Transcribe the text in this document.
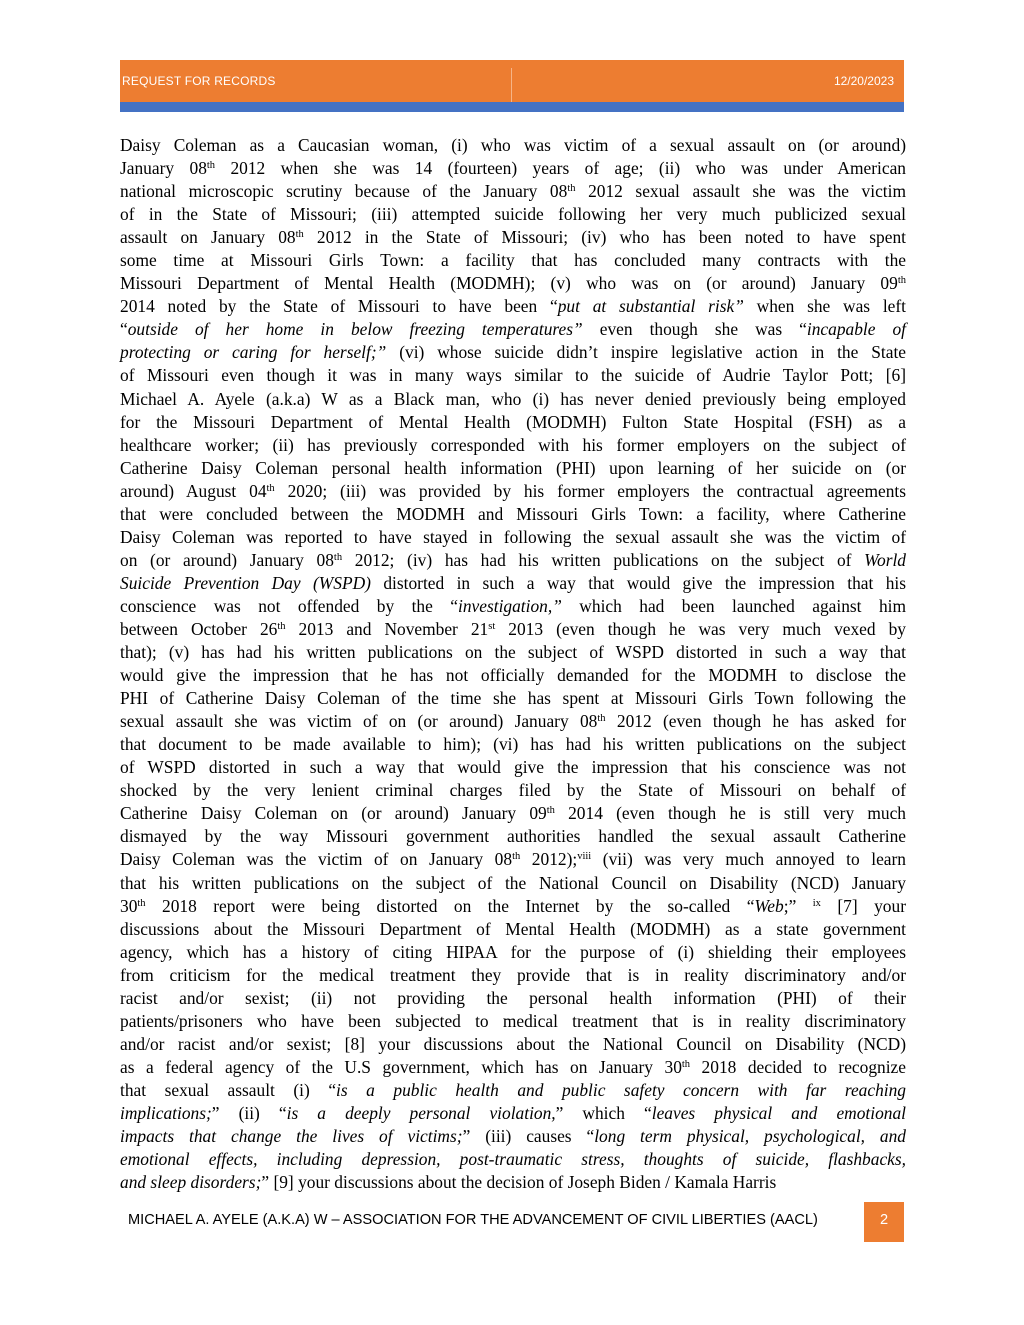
REQUEST FOR RECORDS	12/20/2023
Daisy Coleman as a Caucasian woman, (i) who was victim of a sexual assault on (or around)
January 08th 2012 when she was 14 (fourteen) years of age; (ii) who was under American
national microscopic scrutiny because of the January 08th 2012 sexual assault she was the victim
of in the State of Missouri; (iii) attempted suicide following her very much publicized sexual
assault on January 08th 2012 in the State of Missouri; (iv) who has been noted to have spent
some time at Missouri Girls Town: a facility that has concluded many contracts with the
Missouri Department of Mental Health (MODMH); (v) who was on (or around) January 09th
2014 noted by the State of Missouri to have been “put at substantial risk” when she was left
“outside of her home in below freezing temperatures” even though she was “incapable of
protecting or caring for herself;” (vi) whose suicide didn’t inspire legislative action in the State
of Missouri even though it was in many ways similar to the suicide of Audrie Taylor Pott; [6]
Michael A. Ayele (a.k.a) W as a Black man, who (i) has never denied previously being employed
for the Missouri Department of Mental Health (MODMH) Fulton State Hospital (FSH) as a
healthcare worker; (ii) has previously corresponded with his former employers on the subject of
Catherine Daisy Coleman personal health information (PHI) upon learning of her suicide on (or
around) August 04th 2020; (iii) was provided by his former employers the contractual agreements
that were concluded between the MODMH and Missouri Girls Town: a facility, where Catherine
Daisy Coleman was reported to have stayed in following the sexual assault she was the victim of
on (or around) January 08th 2012; (iv) has had his written publications on the subject of World
Suicide Prevention Day (WSPD) distorted in such a way that would give the impression that his
conscience was not offended by the “investigation,” which had been launched against him
between October 26th 2013 and November 21st 2013 (even though he was very much vexed by
that); (v) has had his written publications on the subject of WSPD distorted in such a way that
would give the impression that he has not officially demanded for the MODMH to disclose the
PHI of Catherine Daisy Coleman of the time she has spent at Missouri Girls Town following the
sexual assault she was victim of on (or around) January 08th 2012 (even though he has asked for
that document to be made available to him); (vi) has had his written publications on the subject
of WSPD distorted in such a way that would give the impression that his conscience was not
shocked by the very lenient criminal charges filed by the State of Missouri on behalf of
Catherine Daisy Coleman on (or around) January 09th 2014 (even though he is still very much
dismayed by the way Missouri government authorities handled the sexual assault Catherine
Daisy Coleman was the victim of on January 08th 2012);$^{viii}$ (vii) was very much annoyed to learn
that his written publications on the subject of the National Council on Disability (NCD) January
30th 2018 report were being distorted on the Internet by the so-called “Web;” $^{ix}$ [7] your
discussions about the Missouri Department of Mental Health (MODMH) as a state government
agency, which has a history of citing HIPAA for the purpose of (i) shielding their employees
from criticism for the medical treatment they provide that is in reality discriminatory and/or
racist and/or sexist; (ii) not providing the personal health information (PHI) of their
patients/prisoners who have been subjected to medical treatment that is in reality discriminatory
and/or racist and/or sexist; [8] your discussions about the National Council on Disability (NCD)
as a federal agency of the U.S government, which has on January 30th 2018 decided to recognize
that sexual assault (i) “is a public health and public safety concern with far reaching
implications;” (ii) “is a deeply personal violation,” which “leaves physical and emotional
impacts that change the lives of victims;” (iii) causes “long term physical, psychological, and
emotional effects, including depression, post-traumatic stress, thoughts of suicide, flashbacks,
and sleep disorders;” [9] your discussions about the decision of Joseph Biden / Kamala Harris
MICHAEL A. AYELE (A.K.A) W – ASSOCIATION FOR THE ADVANCEMENT OF CIVIL LIBERTIES (AACL)	2
